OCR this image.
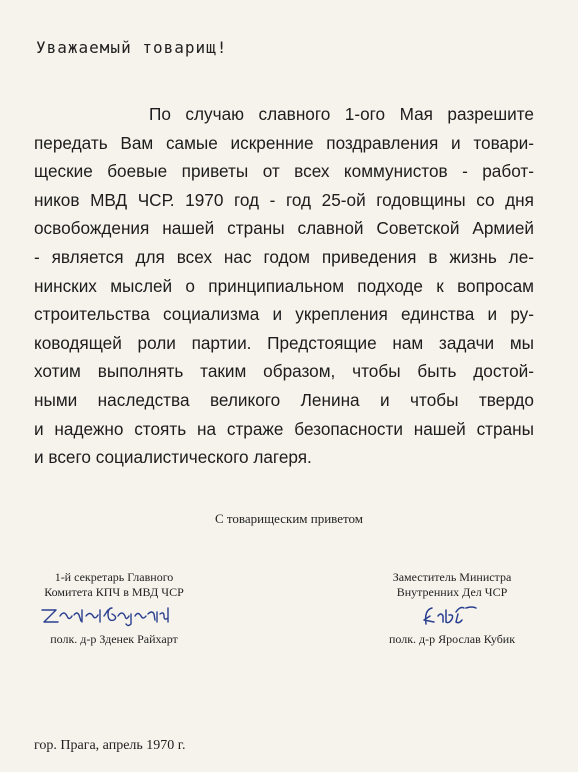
Уважаемый товарищ!
По случаю славного 1-ого Мая разрешите
передать Вам самые искренние поздравления и товари-
щеские боевые приветы от всех коммунистов - работ-
ников МВД ЧСР. 1970 год - год 25-ой годовщины со дня
освобождения нашей страны славной Советской Армией
- является для всех нас годом приведения в жизнь ле-
нинских мыслей о принципиальном подходе к вопросам
строительства социализма и укрепления единства и ру-
ководящей роли партии. Предстоящие нам задачи мы
хотим выполнять таким образом, чтобы быть достой-
ными наследства великого Ленина и чтобы твердо
и надежно стоять на страже безопасности нашей страны
и всего социалистического лагеря.
С товарищеским приветом
1-й секретарь Главного
Комитета КПЧ в МВД ЧСР
полк. д-р Зденек Райхарт
Заместитель Министра
Внутренних Дел ЧСР
полк. д-р Ярослав Кубик
гор. Прага, апрель 1970 г.
